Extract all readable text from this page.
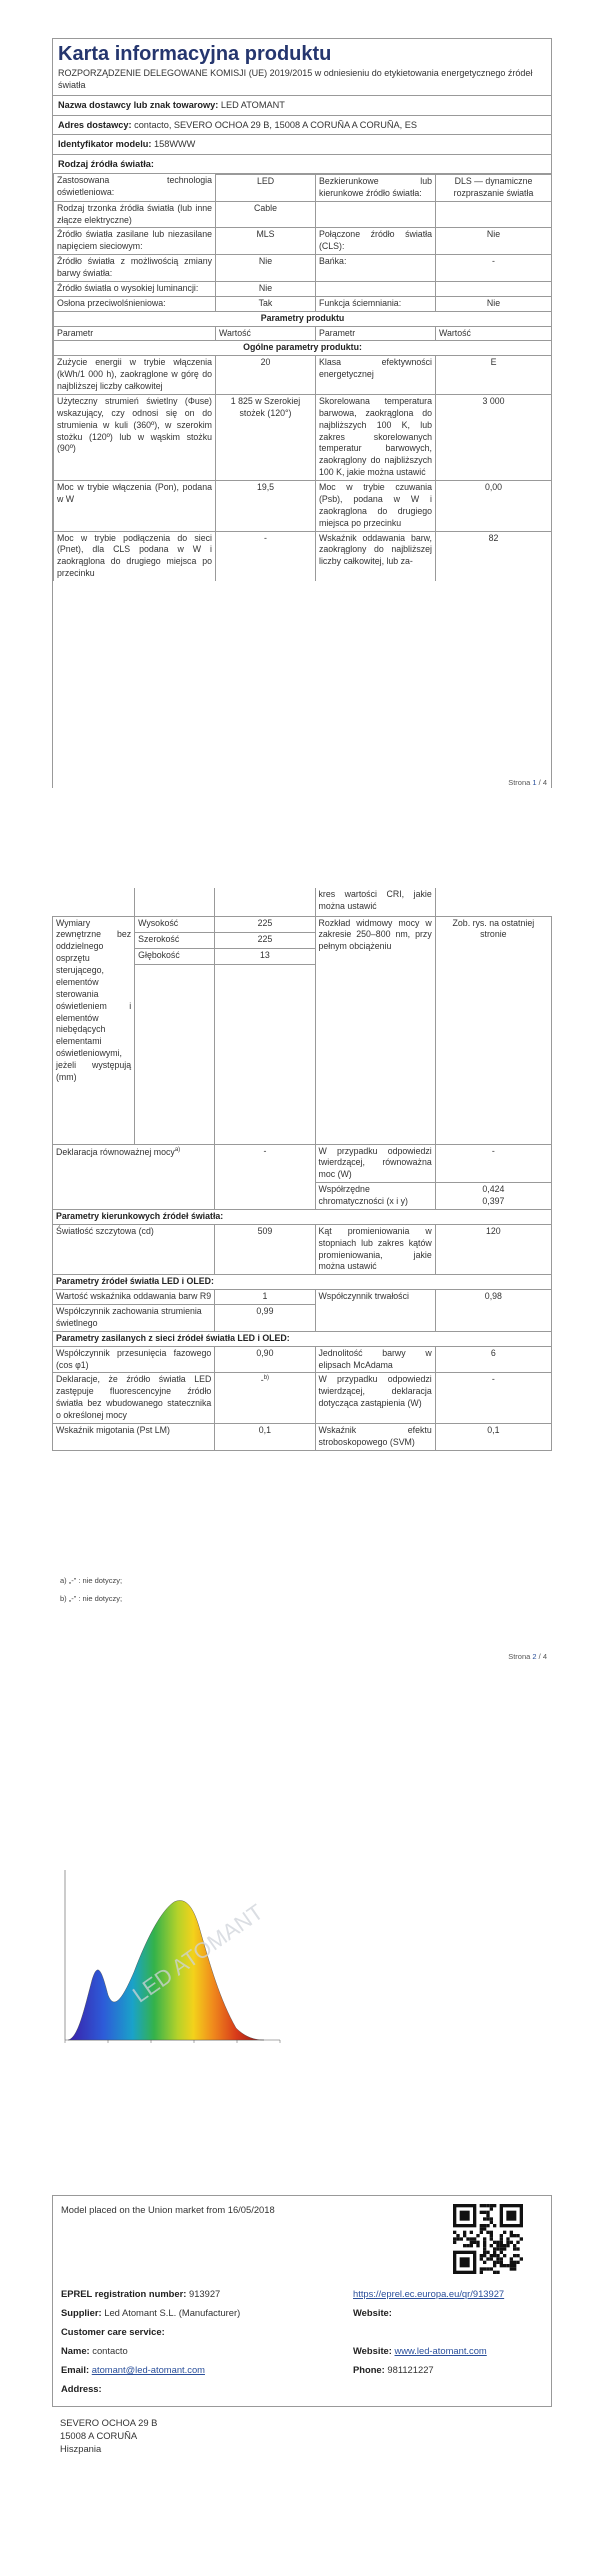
Karta informacyjna produktu
ROZPORZĄDZENIE DELEGOWANE KOMISJI (UE) 2019/2015 w odniesieniu do etykietowania energetycznego źródeł światła
Nazwa dostawcy lub znak towarowy: LED ATOMANT
Adres dostawcy: contacto, SEVERO OCHOA 29 B, 15008 A CORUÑA A CORUÑA, ES
Identyfikator modelu: 158WWW
Rodzaj źródła światła:
Zastosowana technologia oświetleniowa:	LED	Bezkierunkowe lub kierunkowe źródło światła:	DLS — dynamiczne rozpraszanie światła
Rodzaj trzonka źródła światła (lub inne złącze elektryczne)	Cable		
Źródło światła zasilane lub niezasilane napięciem sieciowym:	MLS	Połączone źródło światła (CLS):	Nie
Źródło światła z możliwością zmiany barwy światła:	Nie	Bańka:	-
Źródło światła o wysokiej luminancji:	Nie		
Osłona przeciwolśnieniowa:	Tak	Funkcja ściemniania:	Nie
Parametry produktu			
Parametr	Wartość	Parametr	Wartość
Ogólne parametry produktu:			
Zużycie energii w trybie włączenia (kWh/1 000 h), zaokrąglone w górę do najbliższej liczby całkowitej	20	Klasa efektywności energetycznej	E
Użyteczny strumień świetlny (Φuse) wskazujący, czy odnosi się on do strumienia w kuli (360º), w szerokim stożku (120º) lub w wąskim stożku (90º)	1 825 w Szerokiej stożek (120°)	Skorelowana temperatura barwowa, zaokrąglona do najbliższych 100 K, lub zakres skorelowanych temperatur barwowych, zaokrąglony do najbliższych 100 K, jakie można ustawić	3 000
Moc w trybie włączenia (Pon), podana w W	19,5	Moc w trybie czuwania (Psb), podana w W i zaokrąglona do drugiego miejsca po przecinku	0,00
Moc w trybie podłączenia do sieci (Pnet), dla CLS podana w W i zaokrąglona do drugiego miejsca po przecinku	-	Wskaźnik oddawania barw, zaokrąglony do najbliższej liczby całkowitej, lub za-	82
Strona 1 / 4
			kres wartości CRI, jakie można ustawić	
Wymiary zewnętrzne bez oddzielnego osprzętu sterującego, elementów sterowania oświetleniem i elementów niebędących elementami oświetleniowymi, jeżeli występują (mm)	Wysokość	225	Rozkład widmowy mocy w zakresie 250–800 nm, przy pełnym obciążeniu	Zob. rys. na ostatniej stronie
	Szerokość	225		
	Głębokość	13		

Deklaracja równoważnej mocy$^{a)}$		-	W przypadku odpowiedzi twierdzącej, równoważna moc (W)	-
			Współrzędne chromatyczności (x i y)	0,424
0,397

Parametry kierunkowych źródeł światła:				
Światłość szczytowa (cd)		509	Kąt promieniowania w stopniach lub zakres kątów promieniowania, jakie można ustawić	120
Parametry źródeł światła LED i OLED:				
Wartość wskaźnika oddawania barw R9		1	Współczynnik trwałości	0,98
Współczynnik zachowania strumienia świetlnego		0,99		
Parametry zasilanych z sieci źródeł światła LED i OLED:				
Współczynnik przesunięcia fazowego (cos φ1)		0,90	Jednolitość barwy w elipsach McAdama	6
Deklaracje, że źródło światła LED zastępuje fluorescencyjne źródło światła bez wbudowanego statecznika o określonej mocy		-$^{b)}$	W przypadku odpowiedzi twierdzącej, deklaracja dotycząca zastąpienia (W)	-
Wskaźnik migotania (Pst LM)		0,1	Wskaźnik efektu stroboskopowego (SVM)	0,1
a) „-” : nie dotyczy;
b) „-” : nie dotyczy;
Strona 2 / 4
LED ATOMANT
Model placed on the Union market from 16/05/2018
EPREL registration number: 913927	https://eprel.ec.europa.eu/qr/913927
Supplier: Led Atomant S.L. (Manufacturer)	Website:
Customer care service:
Name: contacto	Website: www.led-atomant.com
Email: atomant@led-atomant.com	Phone: 981121227
Address:
SEVERO OCHOA 29 B
15008 A CORUÑA
Hiszpania
